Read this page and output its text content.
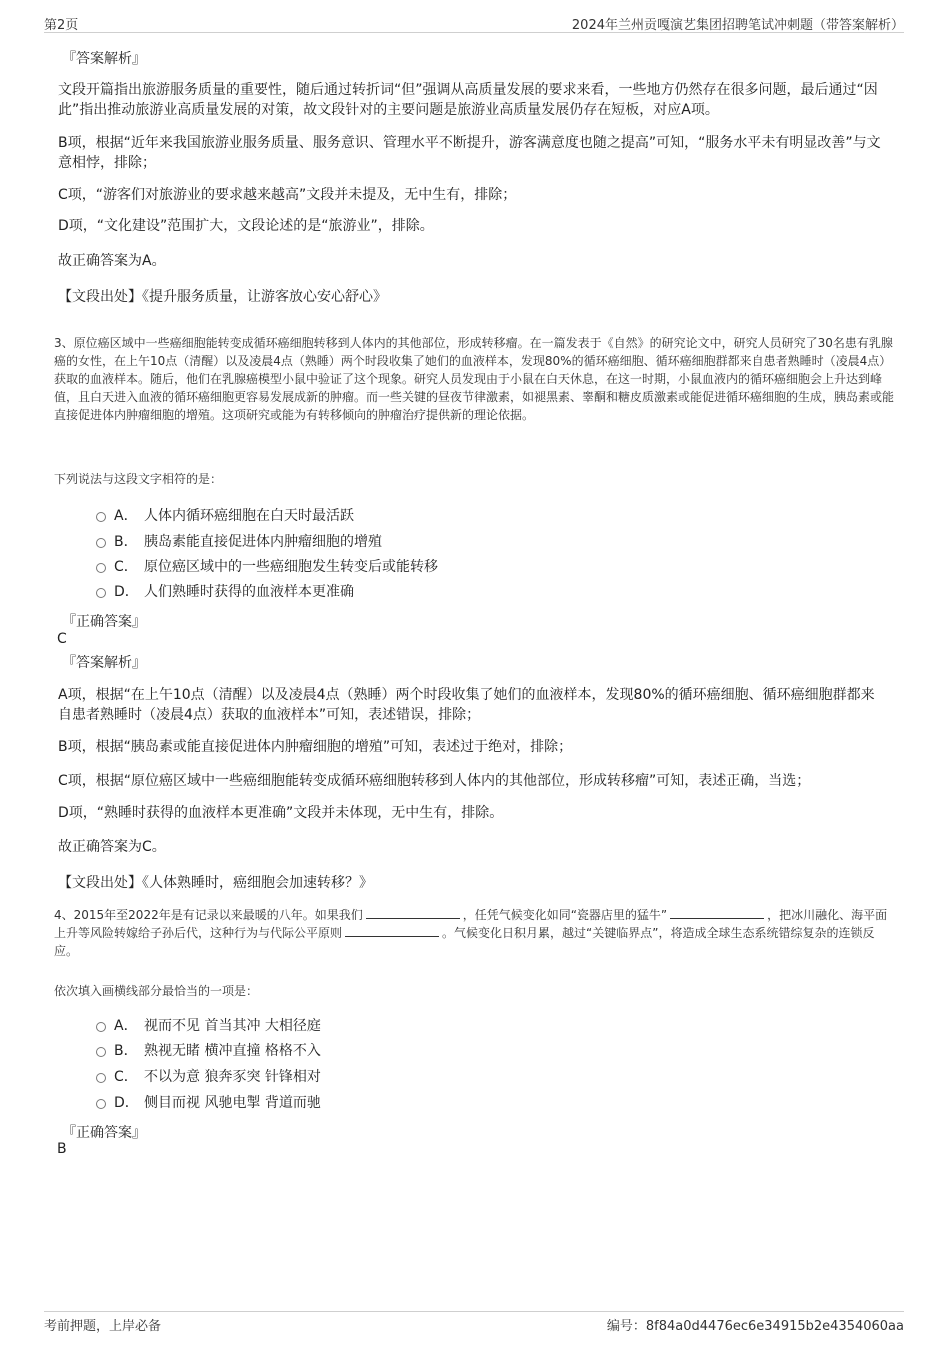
第2页	2024年兰州贡嘎演艺集团招聘笔试冲刺题（带答案解析）
『答案解析』

文段开篇指出旅游服务质量的重要性，随后通过转折词“但”强调从高质量发展的要求来看，一些地方仍然存在很多问题，最后通过“因此”指出推动旅游业高质量发展的对策，故文段针对的主要问题是旅游业高质量发展仍存在短板，对应A项。

B项，根据“近年来我国旅游业服务质量、服务意识、管理水平不断提升，游客满意度也随之提高”可知，“服务水平未有明显改善”与文意相悖，排除；

C项，“游客们对旅游业的要求越来越高”文段并未提及，无中生有，排除；

D项，“文化建设”范围扩大，文段论述的是“旅游业”，排除。

故正确答案为A。

【文段出处】《提升服务质量，让游客放心安心舒心》

3、原位癌区域中一些癌细胞能转变成循环癌细胞转移到人体内的其他部位，形成转移瘤。在一篇发表于《自然》的研究论文中，研究人员研究了30名患有乳腺癌的女性，在上午10点（清醒）以及凌晨4点（熟睡）两个时段收集了她们的血液样本，发现80%的循环癌细胞、循环癌细胞群都来自患者熟睡时（凌晨4点）获取的血液样本。随后，他们在乳腺癌模型小鼠中验证了这个现象。研究人员发现由于小鼠在白天休息，在这一时期，小鼠血液内的循环癌细胞会上升达到峰值，且白天进入血液的循环癌细胞更容易发展成新的肿瘤。而一些关键的昼夜节律激素，如褪黑素、睾酮和糖皮质激素或能促进循环癌细胞的生成，胰岛素或能直接促进体内肿瘤细胞的增殖。这项研究或能为有转移倾向的肿瘤治疗提供新的理论依据。

下列说法与这段文字相符的是：
A． 人体内循环癌细胞在白天时最活跃
B． 胰岛素能直接促进体内肿瘤细胞的增殖
C． 原位癌区域中的一些癌细胞发生转变后或能转移
D． 人们熟睡时获得的血液样本更准确
『正确答案』
C
『答案解析』

A项，根据“在上午10点（清醒）以及凌晨4点（熟睡）两个时段收集了她们的血液样本，发现80%的循环癌细胞、循环癌细胞群都来自患者熟睡时（凌晨4点）获取的血液样本”可知，表述错误，排除；

B项，根据“胰岛素或能直接促进体内肿瘤细胞的增殖”可知，表述过于绝对，排除；

C项，根据“原位癌区域中一些癌细胞能转变成循环癌细胞转移到人体内的其他部位，形成转移瘤”可知，表述正确，当选；

D项，“熟睡时获得的血液样本更准确”文段并未体现，无中生有，排除。

故正确答案为C。

【文段出处】《人体熟睡时，癌细胞会加速转移？》

4、2015年至2022年是有记录以来最暖的八年。如果我们	，任凭气候变化如同“瓷器店里的猛牛”	，把冰川融化、海平面上升等风险转嫁给子孙后代，这种行为与代际公平原则	。气候变化日积月累，越过“关键临界点”，将造成全球生态系统错综复杂的连锁反应。

依次填入画横线部分最恰当的一项是：
A． 视而不见 首当其冲 大相径庭
B． 熟视无睹 横冲直撞 格格不入
C． 不以为意 狼奔豕突 针锋相对
D． 侧目而视 风驰电掣 背道而驰
『正确答案』
B
考前押题，上岸必备	编号：8f84a0d4476ec6e34915b2e4354060aa
